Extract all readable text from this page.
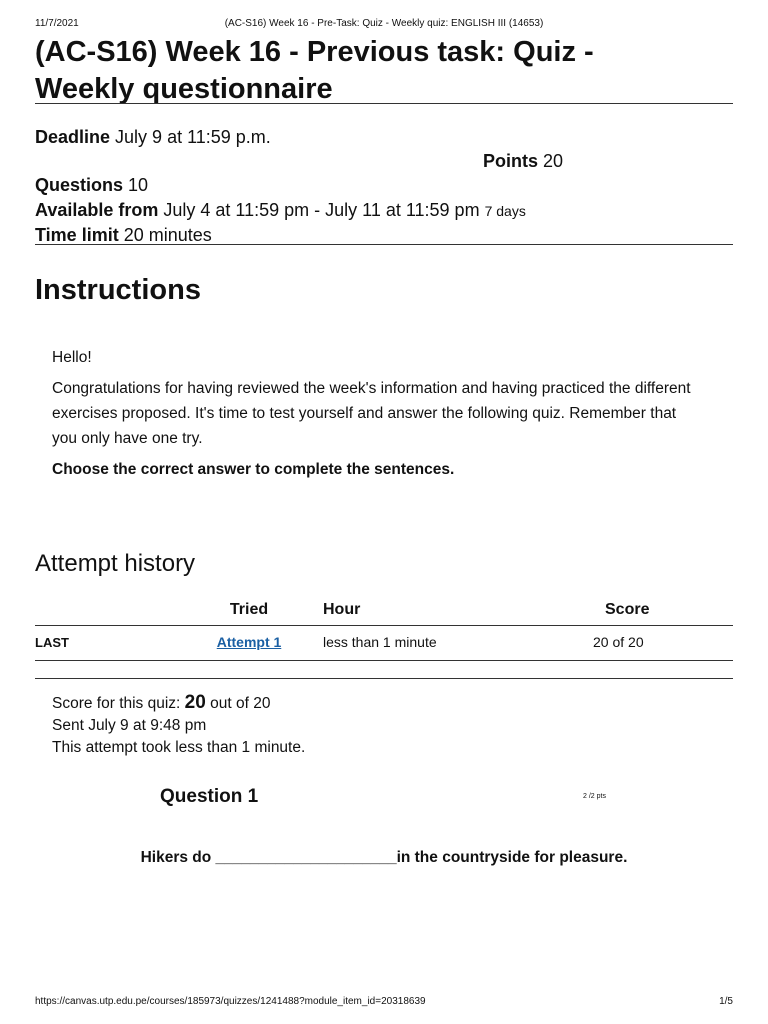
11/7/2021	(AC-S16) Week 16 - Pre-Task: Quiz - Weekly quiz: ENGLISH III (14653)
(AC-S16) Week 16 - Previous task: Quiz - Weekly questionnaire
Deadline July 9 at 11:59 p.m.
Points 20
Questions 10
Available from July 4 at 11:59 pm - July 11 at 11:59 pm 7 days
Time limit 20 minutes
Instructions

Hello!

Congratulations for having reviewed the week's information and having practiced the different exercises proposed. It's time to test yourself and answer the following quiz. Remember that you only have one try.

Choose the correct answer to complete the sentences.

Attempt history
	Tried	Hour	Score
LAST	Attempt 1	less than 1 minute	20 of 20
Score for this quiz: 20 out of 20
Sent July 9 at 9:48 pm
This attempt took less than 1 minute.
Question 1	2 /2 pts
Hikers do _____________________in the countryside for pleasure.
https://canvas.utp.edu.pe/courses/185973/quizzes/1241488?module_item_id=20318639	1/5
